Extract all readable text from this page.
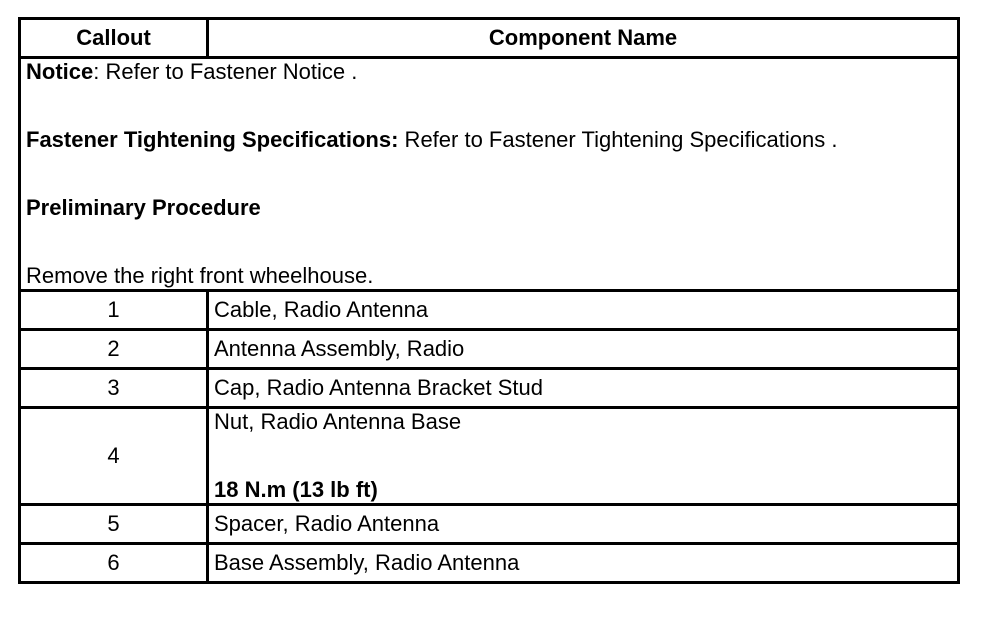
Callout	Component Name

Notice: Refer to Fastener Notice .
Fastener Tightening Specifications: Refer to Fastener Tightening Specifications .
Preliminary Procedure
Remove the right front wheelhouse.	

1	Cable, Radio Antenna
2	Antenna Assembly, Radio
3	Cap, Radio Antenna Bracket Stud
4	Nut, Radio Antenna Base
18 N.m (13 lb ft)

5	Spacer, Radio Antenna
6	Base Assembly, Radio Antenna
